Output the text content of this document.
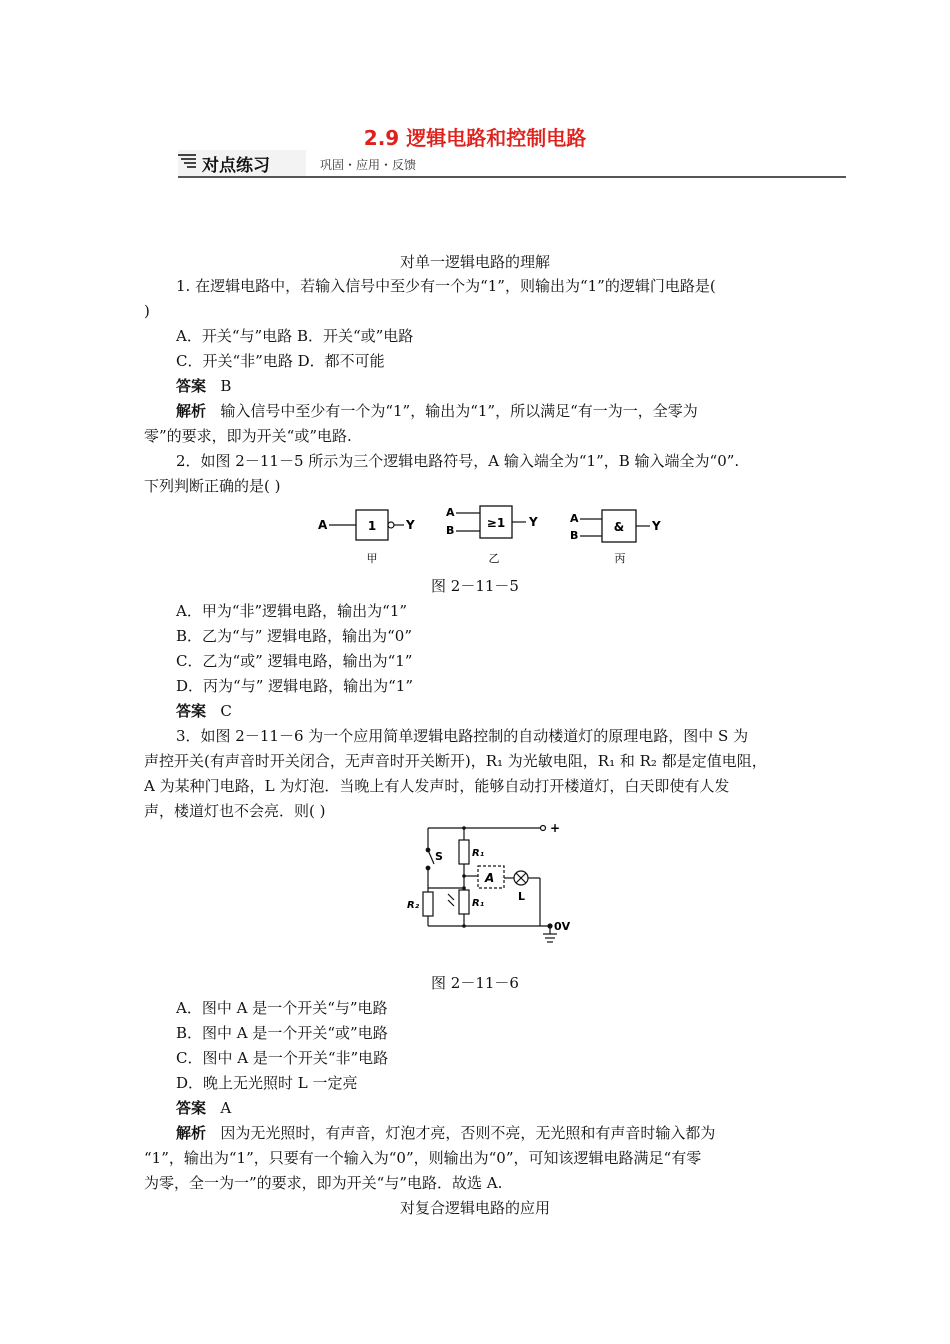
2.9 逻辑电路和控制电路
对点练习	巩固・应用・反馈
对单一逻辑电路的理解
1. 在逻辑电路中，若输入信号中至少有一个为“1”，则输出为“1”的逻辑门电路是(
)
A．开关“与”电路 B．开关“或”电路
C．开关“非”电路 D．都不可能
答案 B
解析 输入信号中至少有一个为“1”，输出为“1”，所以满足“有一为一，全零为
零”的要求，即为开关“或”电路.
2．如图 2－11－5 所示为三个逻辑电路符号，A 输入端全为“1”，B 输入端全为“0”.
下列判断正确的是( )
A	1 Y
甲
A
B
≥1 Y
乙
A
B
& Y
丙
图 2－11－5
A．甲为“非”逻辑电路，输出为“1”
B．乙为“与” 逻辑电路，输出为“0”
C．乙为“或” 逻辑电路，输出为“1”
D．丙为“与” 逻辑电路，输出为“1”
答案 C
3．如图 2－11－6 为一个应用简单逻辑电路控制的自动楼道灯的原理电路，图中 S 为
声控开关(有声音时开关闭合，无声音时开关断开)，R₁ 为光敏电阻，R₁ 和 R₂ 都是定值电阻，
A 为某种门电路，L 为灯泡．当晚上有人发声时，能够自动打开楼道灯，白天即使有人发
声，楼道灯也不会亮．则( )
+
S	R₁
A
L
R₂	R₁
0V
图 2－11－6
A．图中 A 是一个开关“与”电路
B．图中 A 是一个开关“或”电路
C．图中 A 是一个开关“非”电路
D．晚上无光照时 L 一定亮
答案 A
解析 因为无光照时，有声音，灯泡才亮，否则不亮，无光照和有声音时输入都为
“1”，输出为“1”，只要有一个输入为“0”，则输出为“0”，可知该逻辑电路满足“有零
为零，全一为一”的要求，即为开关“与”电路．故选 A.
对复合逻辑电路的应用
